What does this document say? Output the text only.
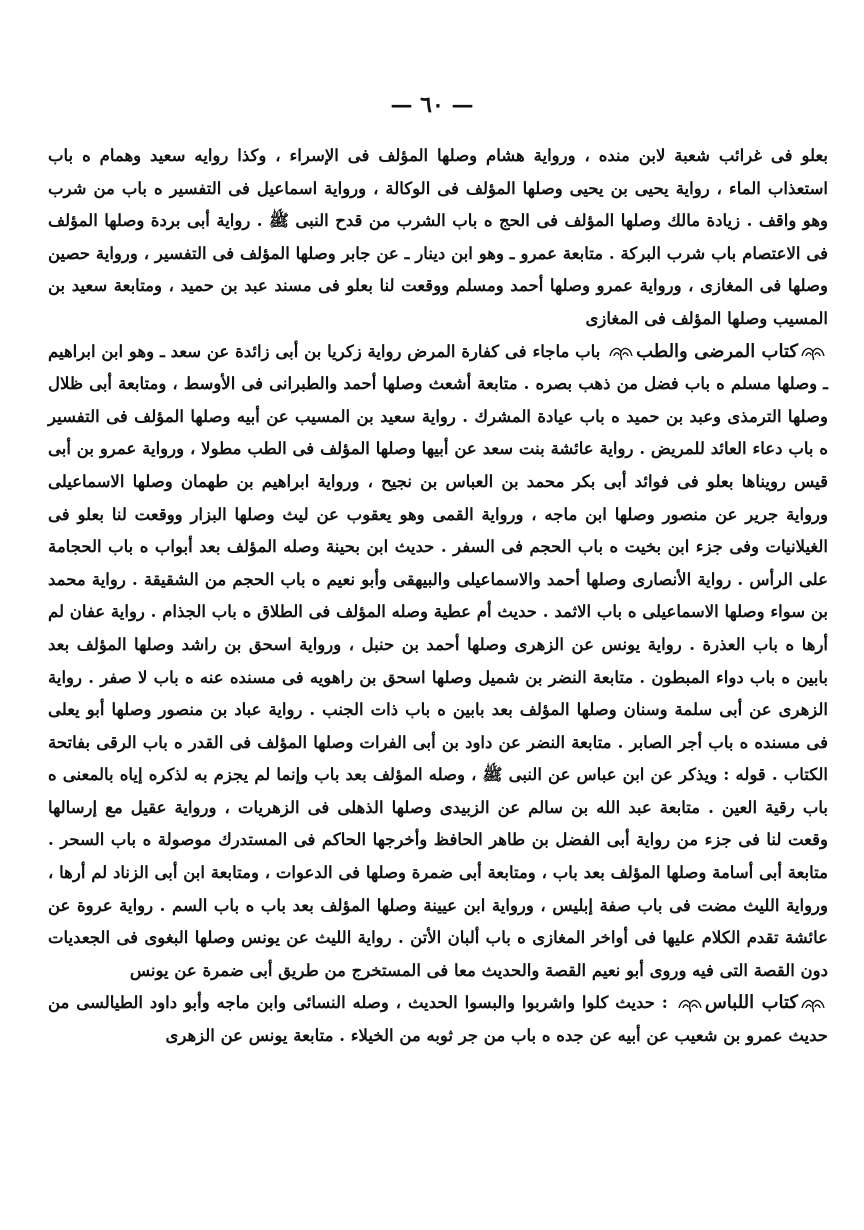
— ٦٠ —

بعلو فى غرائب شعبة لابن منده ، ورواية هشام وصلها المؤلف فى الإسراء ، وكذا روايه سعيد وهمام ه باب استعذاب الماء ، رواية يحيى بن يحيى وصلها المؤلف فى الوكالة ، ورواية اسماعيل فى التفسير ه باب من شرب وهو واقف . زيادة مالك وصلها المؤلف فى الحج ه باب الشرب من قدح النبى ﷺ . رواية أبى بردة وصلها المؤلف فى الاعتصام باب شرب البركة . متابعة عمرو ـ وهو ابن دينار ـ عن جابر وصلها المؤلف فى التفسير ، ورواية حصين وصلها فى المغازى ، ورواية عمرو وصلها أحمد ومسلم ووقعت لنا بعلو فى مسند عبد بن حميد ، ومتابعة سعيد بن المسيب وصلها المؤلف فى المغازى

كتاب المرضى والطب
باب ماجاء فى كفارة المرض رواية زكريا بن أبى زائدة عن سعد ـ وهو ابن ابراهيم ـ وصلها مسلم ه باب فضل من ذهب بصره . متابعة أشعث وصلها أحمد والطبرانى فى الأوسط ، ومتابعة أبى ظلال وصلها الترمذى وعبد بن حميد ه باب عيادة المشرك . رواية سعيد بن المسيب عن أبيه وصلها المؤلف فى التفسير ه باب دعاء العائد للمريض . رواية عائشة بنت سعد عن أبيها وصلها المؤلف فى الطب مطولا ، ورواية عمرو بن أبى قيس رويناها بعلو فى فوائد أبى بكر محمد بن العباس بن نجيح ، ورواية ابراهيم بن طهمان وصلها الاسماعيلى ورواية جرير عن منصور وصلها ابن ماجه ، ورواية القمى وهو يعقوب عن ليث وصلها البزار ووقعت لنا بعلو فى الغيلانيات وفى جزء ابن بخيت ه باب الحجم فى السفر . حديث ابن بحينة وصله المؤلف بعد أبواب ه باب الحجامة على الرأس . رواية الأنصارى وصلها أحمد والاسماعيلى والبيهقى وأبو نعيم ه باب الحجم من الشقيقة . رواية محمد بن سواء وصلها الاسماعيلى ه باب الاثمد . حديث أم عطية وصله المؤلف فى الطلاق ه باب الجذام . رواية عفان لم أرها ه باب العذرة . رواية يونس عن الزهرى وصلها أحمد بن حنبل ، ورواية اسحق بن راشد وصلها المؤلف بعد بابين ه باب دواء المبطون . متابعة النضر بن شميل وصلها اسحق بن راهويه فى مسنده عنه ه باب لا صفر . رواية الزهرى عن أبى سلمة وسنان وصلها المؤلف بعد بابين ه باب ذات الجنب . رواية عباد بن منصور وصلها أبو يعلى فى مسنده ه باب أجر الصابر . متابعة النضر عن داود بن أبى الفرات وصلها المؤلف فى القدر ه باب الرقى بفاتحة الكتاب . قوله : ويذكر عن ابن عباس عن النبى ﷺ ، وصله المؤلف بعد باب وإنما لم يجزم به لذكره إياه بالمعنى ه باب رقية العين . متابعة عبد الله بن سالم عن الزبيدى وصلها الذهلى فى الزهريات ، ورواية عقيل مع إرسالها وقعت لنا فى جزء من رواية أبى الفضل بن طاهر الحافظ وأخرجها الحاكم فى المستدرك موصولة ه باب السحر . متابعة أبى أسامة وصلها المؤلف بعد باب ، ومتابعة أبى ضمرة وصلها فى الدعوات ، ومتابعة ابن أبى الزناد لم أرها ، ورواية الليث مضت فى باب صفة إبليس ، ورواية ابن عيينة وصلها المؤلف بعد باب ه باب السم . رواية عروة عن عائشة تقدم الكلام عليها فى أواخر المغازى ه باب ألبان الأتن . رواية الليث عن يونس وصلها البغوى فى الجعديات دون القصة التى فيه وروى أبو نعيم القصة والحديث معا فى المستخرج من طريق أبى ضمرة عن يونس

كتاب اللباس
: حديث كلوا واشربوا والبسوا الحديث ، وصله النسائى وابن ماجه وأبو داود الطيالسى من حديث عمرو بن شعيب عن أبيه عن جده ه باب من جر ثوبه من الخيلاء . متابعة يونس عن الزهرى
